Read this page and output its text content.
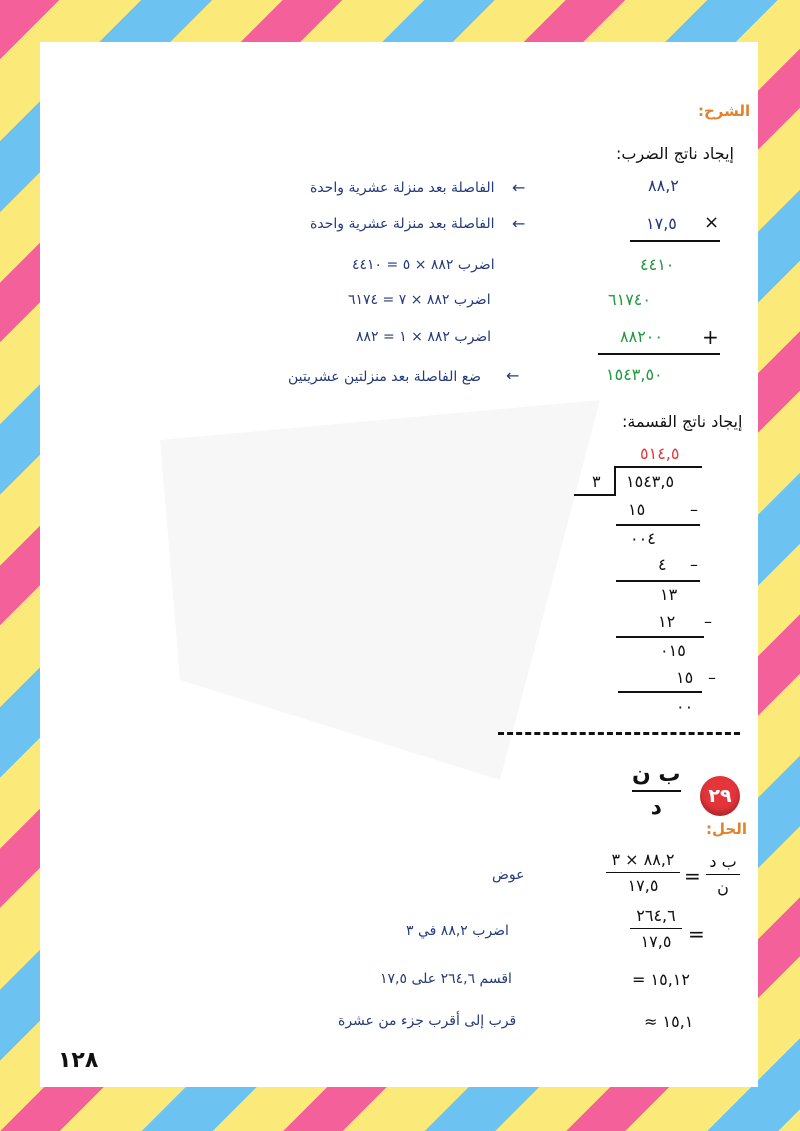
الشرح:
إيجاد ناتج الضرب:
٨٨,٢
١٧,٥ ×
٤٤١٠
٦١٧٤٠
٨٨٢٠٠ +
١٥٤٣,٥٠
الفاصلة بعد منزلة عشرية واحدة ←
الفاصلة بعد منزلة عشرية واحدة ←
اضرب ٨٨٢ × ٥ = ٤٤١٠
اضرب ٨٨٢ × ٧ = ٦١٧٤
اضرب ٨٨٢ × ١ = ٨٨٢
ضع الفاصلة بعد منزلتين عشريتين ←
إيجاد ناتج القسمة:
٥١٤,٥
٣ ١٥٤٣,٥
١٥	–
٠٠٤
٤ –
١٣
١٢ –
٠١٥
١٥ –
٠٠
٢٩
ب ن
د
الحل:
ب د
ن
=
٨٨,٢ × ٣
١٧,٥
عوض
٢٦٤,٦
١٧,٥ =
اضرب ٨٨,٢ في ٣
١٥,١٢ =
اقسم ٢٦٤,٦ على ١٧,٥
١٥,١ ≈
قرب إلى أقرب جزء من عشرة
١٢٨
